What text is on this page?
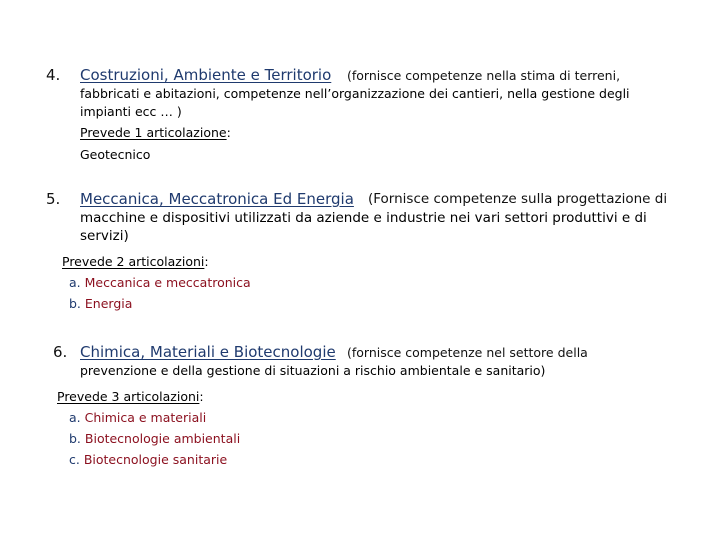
4. Costruzioni, Ambiente e Territorio (fornisce competenze nella stima di terreni,
fabbricati e abitazioni, competenze nell’organizzazione dei cantieri, nella gestione degli
impianti ecc … )
Prevede 1 articolazione:
Geotecnico
5. Meccanica, Meccatronica Ed Energia (Fornisce competenze sulla progettazione di
macchine e dispositivi utilizzati da aziende e industrie nei vari settori produttivi e di
servizi)
Prevede 2 articolazioni:
a. Meccanica e meccatronica
b. Energia
6. Chimica, Materiali e Biotecnologie (fornisce competenze nel settore della
prevenzione e della gestione di situazioni a rischio ambientale e sanitario)
Prevede 3 articolazioni:
a. Chimica e materiali
b. Biotecnologie ambientali
c. Biotecnologie sanitarie
